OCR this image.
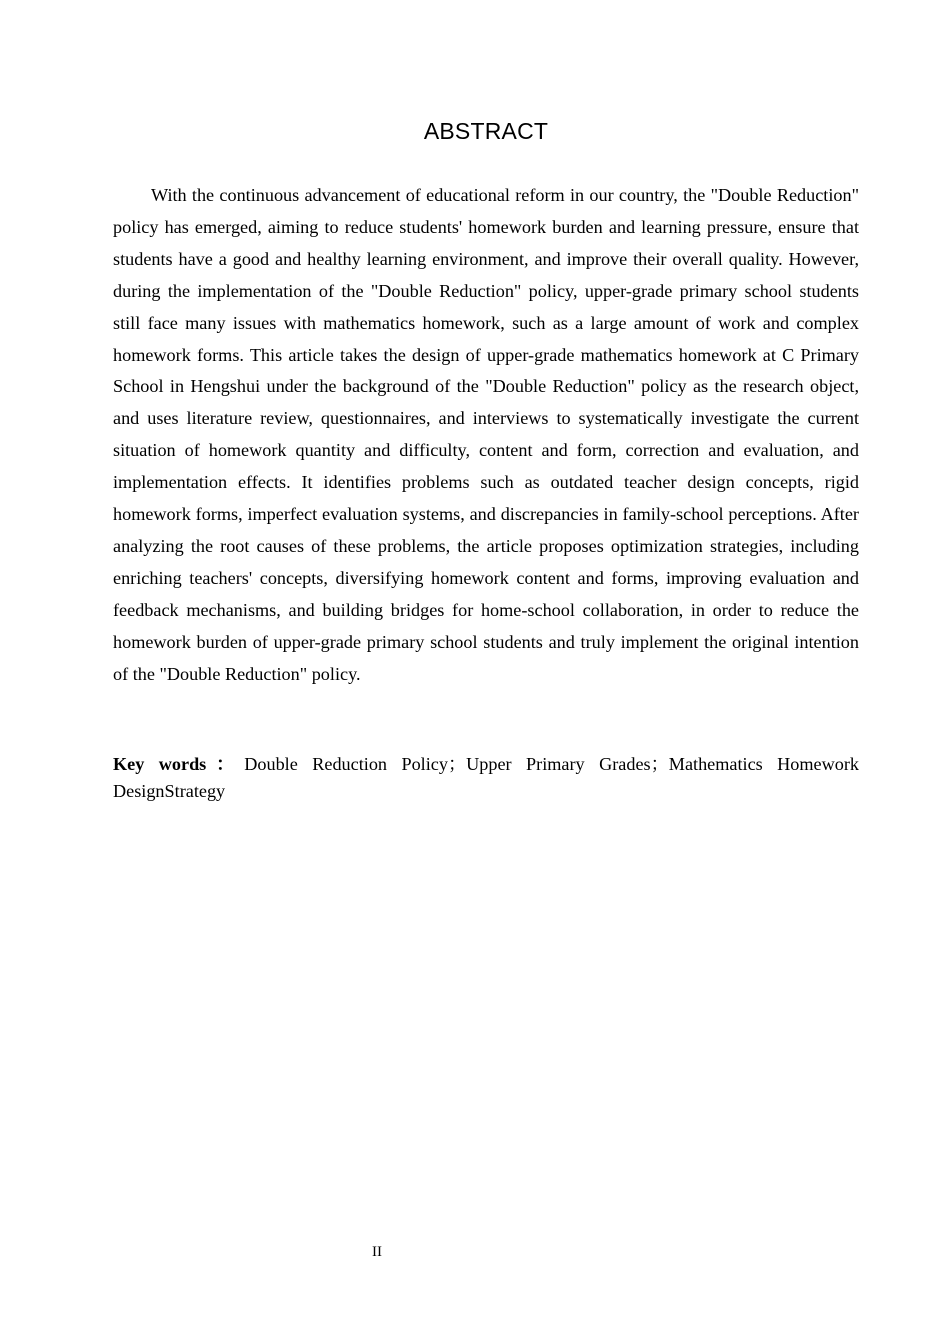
ABSTRACT

With the continuous advancement of educational reform in our country, the "Double Reduction" policy has emerged, aiming to reduce students' homework burden and learning pressure, ensure that students have a good and healthy learning environment, and improve their overall quality. However, during the implementation of the "Double Reduction" policy, upper-grade primary school students still face many issues with mathematics homework, such as a large amount of work and complex homework forms. This article takes the design of upper-grade mathematics homework at C Primary School in Hengshui under the background of the "Double Reduction" policy as the research object, and uses literature review, questionnaires, and interviews to systematically investigate the current situation of homework quantity and difficulty, content and form, correction and evaluation, and implementation effects. It identifies problems such as outdated teacher design concepts, rigid homework forms, imperfect evaluation systems, and discrepancies in family-school perceptions. After analyzing the root causes of these problems, the article proposes optimization strategies, including enriching teachers' concepts, diversifying homework content and forms, improving evaluation and feedback mechanisms, and building bridges for home-school collaboration, in order to reduce the homework burden of upper-grade primary school students and truly implement the original intention of the "Double Reduction" policy.

Key words：Double Reduction Policy；Upper Primary Grades；Mathematics Homework DesignStrategy

II
